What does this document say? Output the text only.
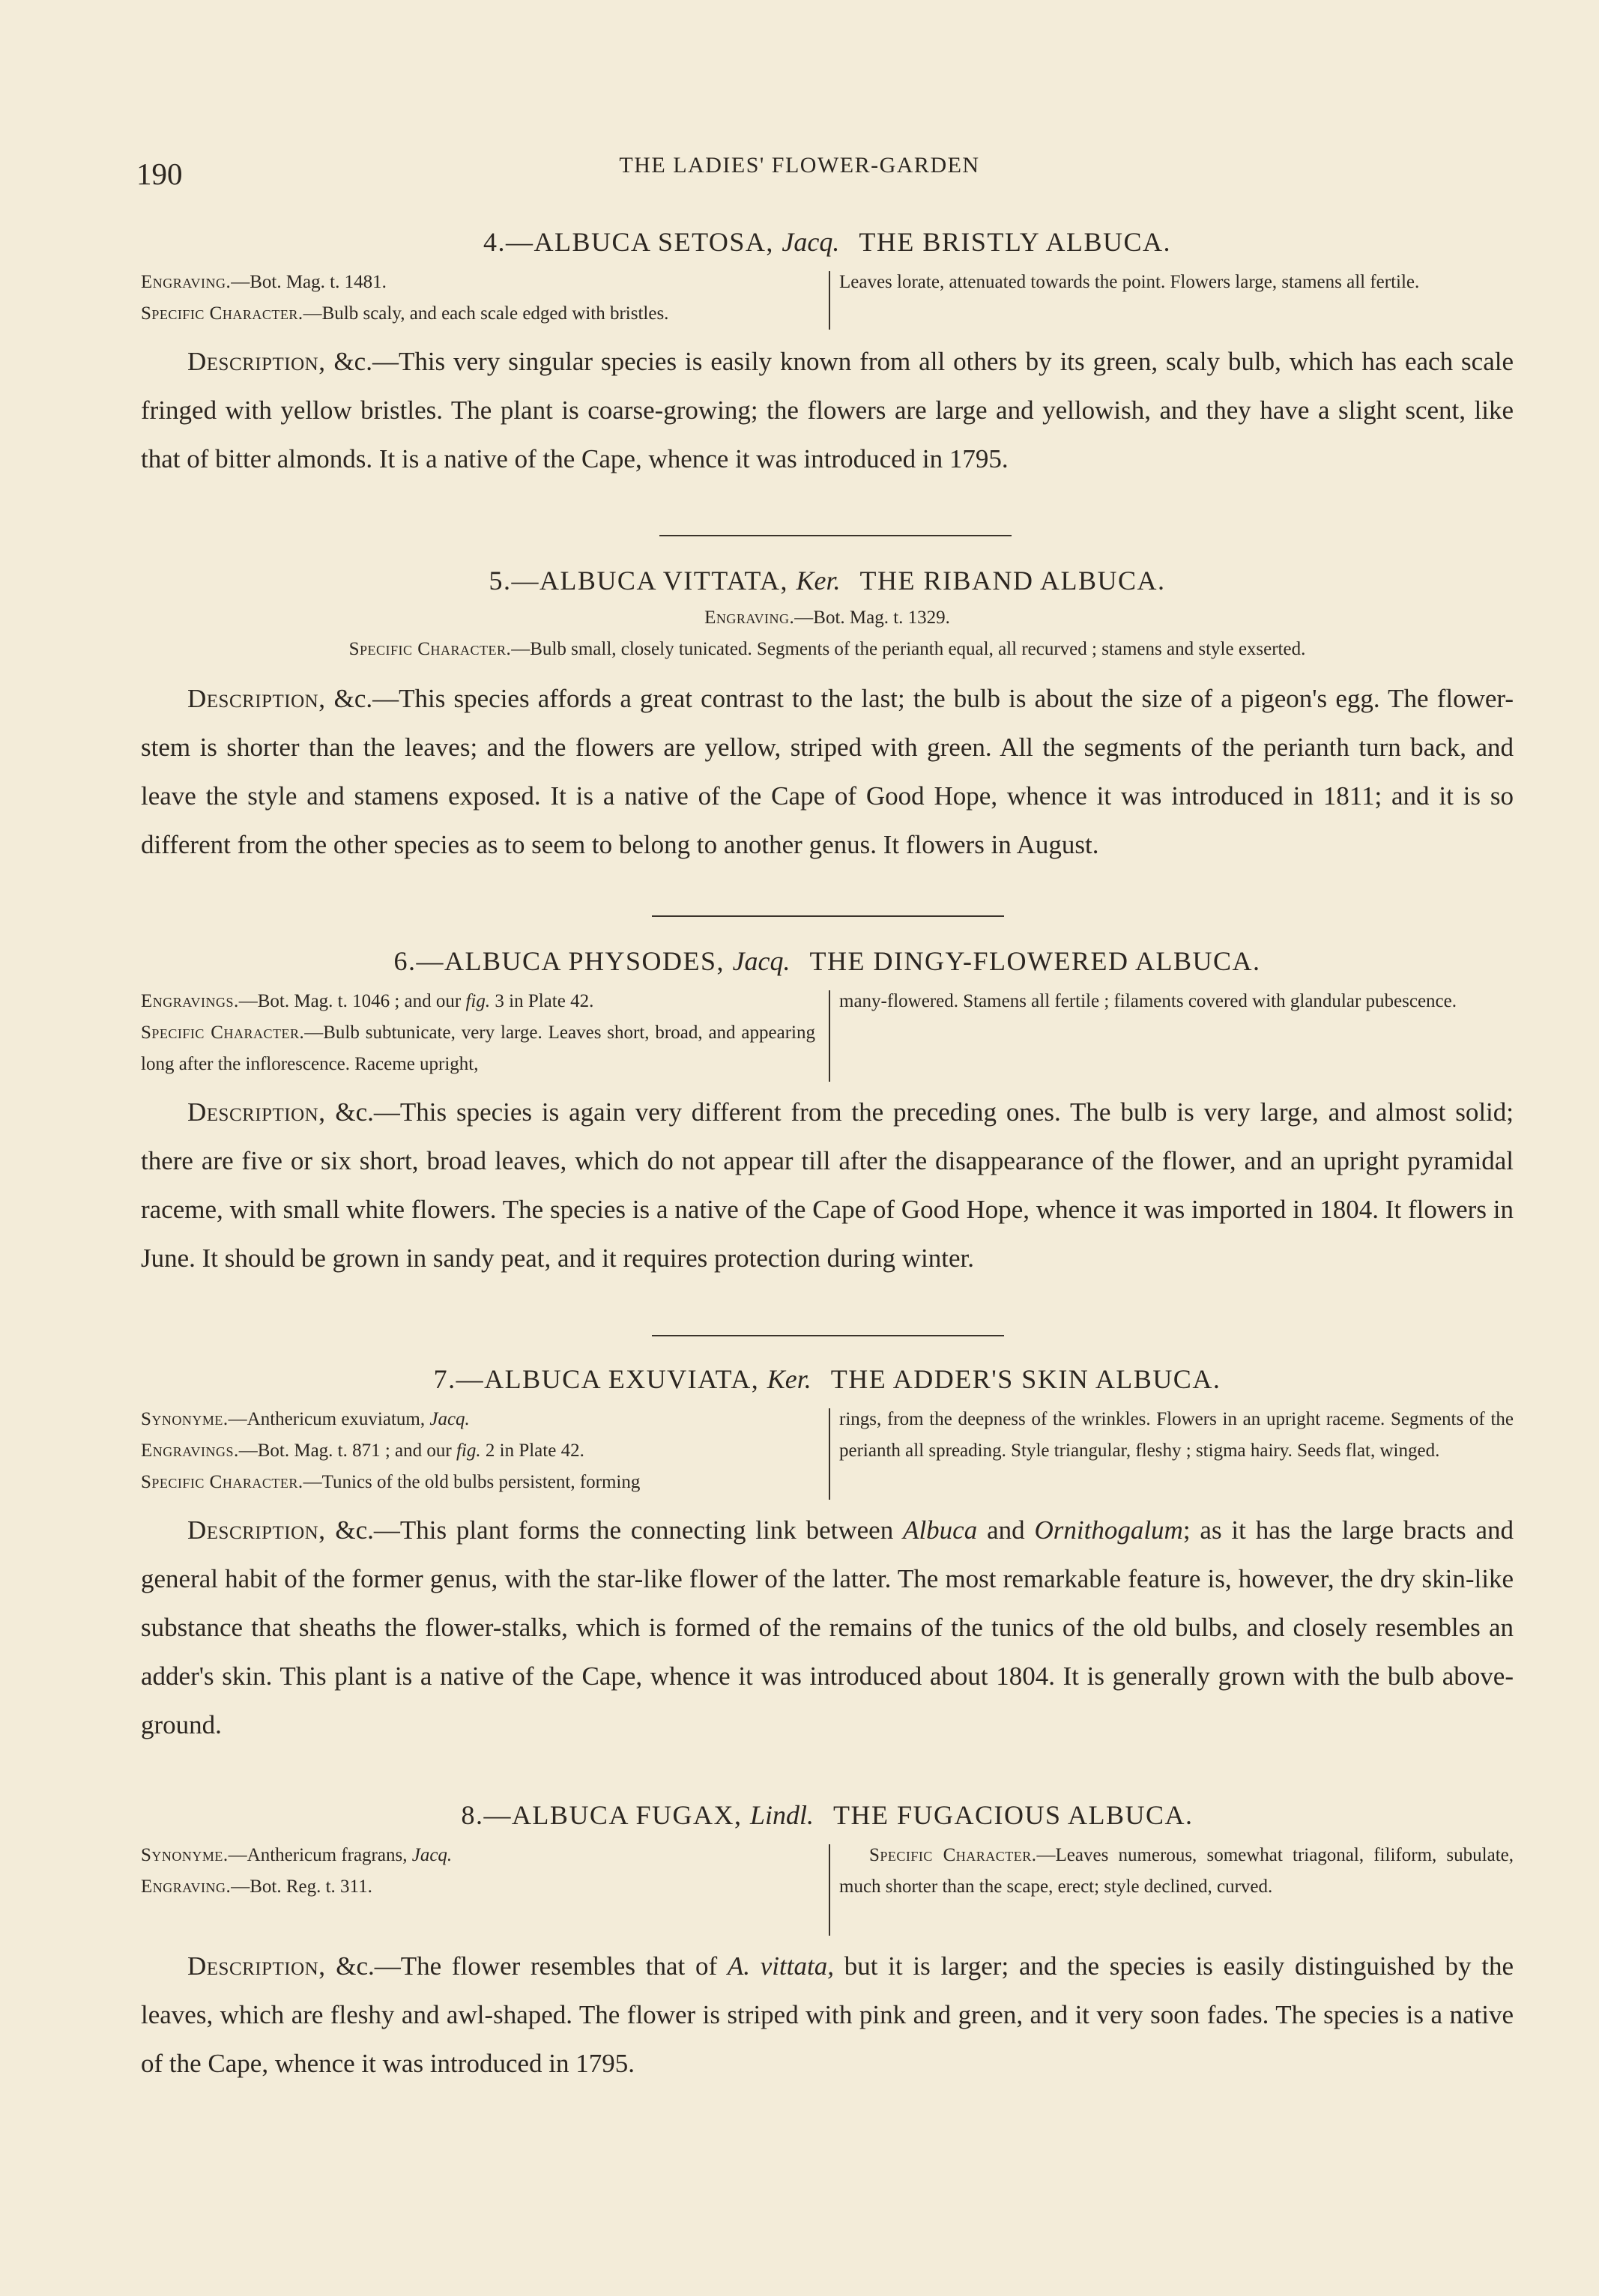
190	THE LADIES' FLOWER-GARDEN
4.—ALBUCA SETOSA, Jacq. THE BRISTLY ALBUCA.

Engraving.—Bot. Mag. t. 1481.

Specific Character.—Bulb scaly, and each scale edged with bristles.

Leaves lorate, attenuated towards the point. Flowers large, stamens all fertile.

Description, &c.—This very singular species is easily known from all others by its green, scaly bulb, which has each scale fringed with yellow bristles. The plant is coarse-growing; the flowers are large and yellowish, and they have a slight scent, like that of bitter almonds. It is a native of the Cape, whence it was introduced in 1795.

5.—ALBUCA VITTATA, Ker. THE RIBAND ALBUCA.

Engraving.—Bot. Mag. t. 1329.

Specific Character.—Bulb small, closely tunicated. Segments of the perianth equal, all recurved ; stamens and style exserted.

Description, &c.—This species affords a great contrast to the last; the bulb is about the size of a pigeon's egg. The flower-stem is shorter than the leaves; and the flowers are yellow, striped with green. All the segments of the perianth turn back, and leave the style and stamens exposed. It is a native of the Cape of Good Hope, whence it was introduced in 1811; and it is so different from the other species as to seem to belong to another genus. It flowers in August.

6.—ALBUCA PHYSODES, Jacq. THE DINGY-FLOWERED ALBUCA.

Engravings.—Bot. Mag. t. 1046 ; and our fig. 3 in Plate 42.

Specific Character.—Bulb subtunicate, very large. Leaves short, broad, and appearing long after the inflorescence. Raceme upright,

many-flowered. Stamens all fertile ; filaments covered with glandular pubescence.

Description, &c.—This species is again very different from the preceding ones. The bulb is very large, and almost solid; there are five or six short, broad leaves, which do not appear till after the disappearance of the flower, and an upright pyramidal raceme, with small white flowers. The species is a native of the Cape of Good Hope, whence it was imported in 1804. It flowers in June. It should be grown in sandy peat, and it requires protection during winter.

7.—ALBUCA EXUVIATA, Ker. THE ADDER'S SKIN ALBUCA.

Synonyme.—Anthericum exuviatum, Jacq.

Engravings.—Bot. Mag. t. 871 ; and our fig. 2 in Plate 42.

Specific Character.—Tunics of the old bulbs persistent, forming

rings, from the deepness of the wrinkles. Flowers in an upright raceme. Segments of the perianth all spreading. Style triangular, fleshy ; stigma hairy. Seeds flat, winged.

Description, &c.—This plant forms the connecting link between Albuca and Ornithogalum; as it has the large bracts and general habit of the former genus, with the star-like flower of the latter. The most remarkable feature is, however, the dry skin-like substance that sheaths the flower-stalks, which is formed of the remains of the tunics of the old bulbs, and closely resembles an adder's skin. This plant is a native of the Cape, whence it was introduced about 1804. It is generally grown with the bulb above-ground.

8.—ALBUCA FUGAX, Lindl. THE FUGACIOUS ALBUCA.

Synonyme.—Anthericum fragrans, Jacq.

Engraving.—Bot. Reg. t. 311.

Specific Character.—Leaves numerous, somewhat triagonal, filiform, subulate, much shorter than the scape, erect; style declined, curved.

Description, &c.—The flower resembles that of A. vittata, but it is larger; and the species is easily distinguished by the leaves, which are fleshy and awl-shaped. The flower is striped with pink and green, and it very soon fades. The species is a native of the Cape, whence it was introduced in 1795.
